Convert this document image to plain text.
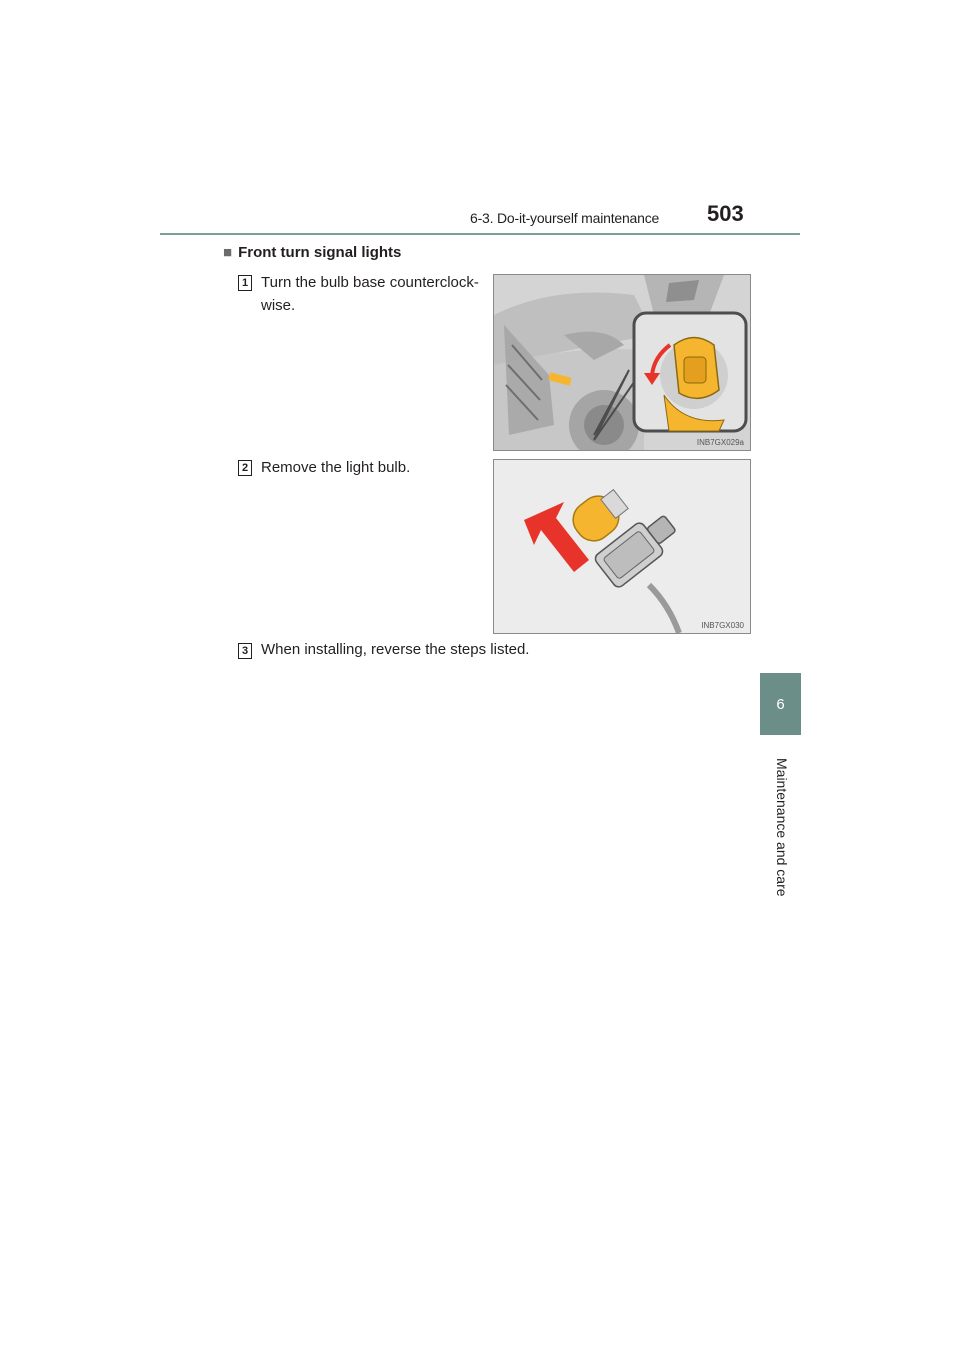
6-3. Do-it-yourself maintenance 503
6
Maintenance and care
■ Front turn signal lights
1 Turn the bulb base counterclock-
wise.
INB7GX029a
2 Remove the light bulb.
INB7GX030
3 When installing, reverse the steps listed.
